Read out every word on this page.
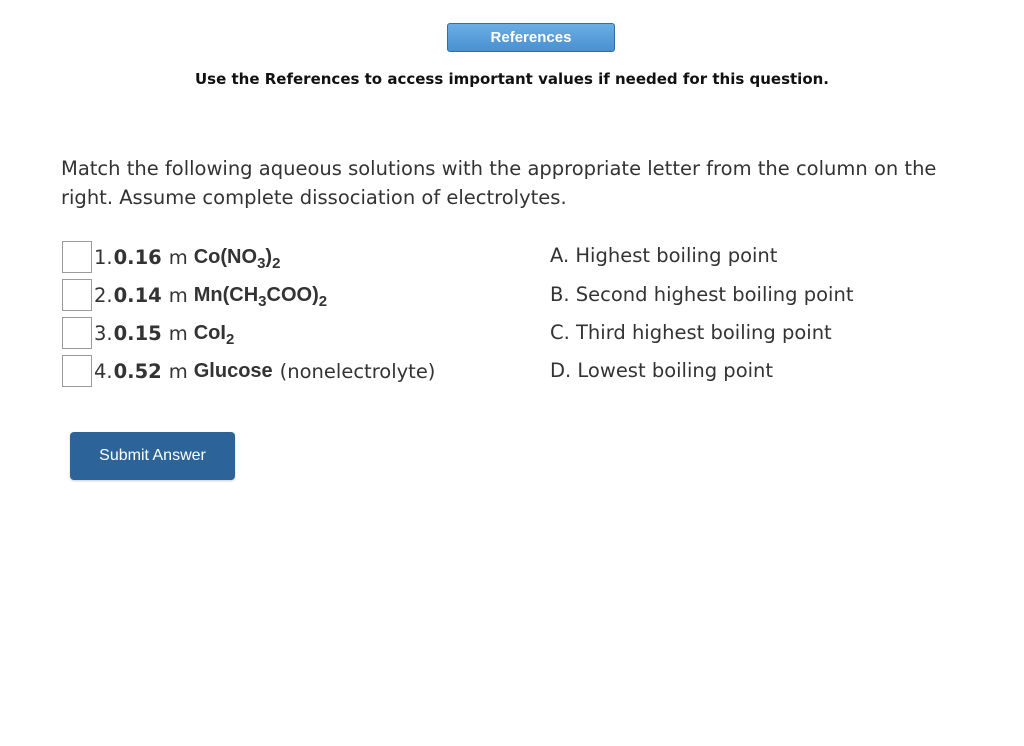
References
Use the References to access important values if needed for this question.
Match the following aqueous solutions with the appropriate letter from the column on the right. Assume complete dissociation of electrolytes.
1. 0.16 m $Co(NO_3)_2$
2. 0.14 m $Mn(CH_3COO)_2$
3. 0.15 m CoI$_2$
4. 0.52 m Glucose (nonelectrolyte)
A. Highest boiling point
B. Second highest boiling point
C. Third highest boiling point
D. Lowest boiling point
Submit Answer
